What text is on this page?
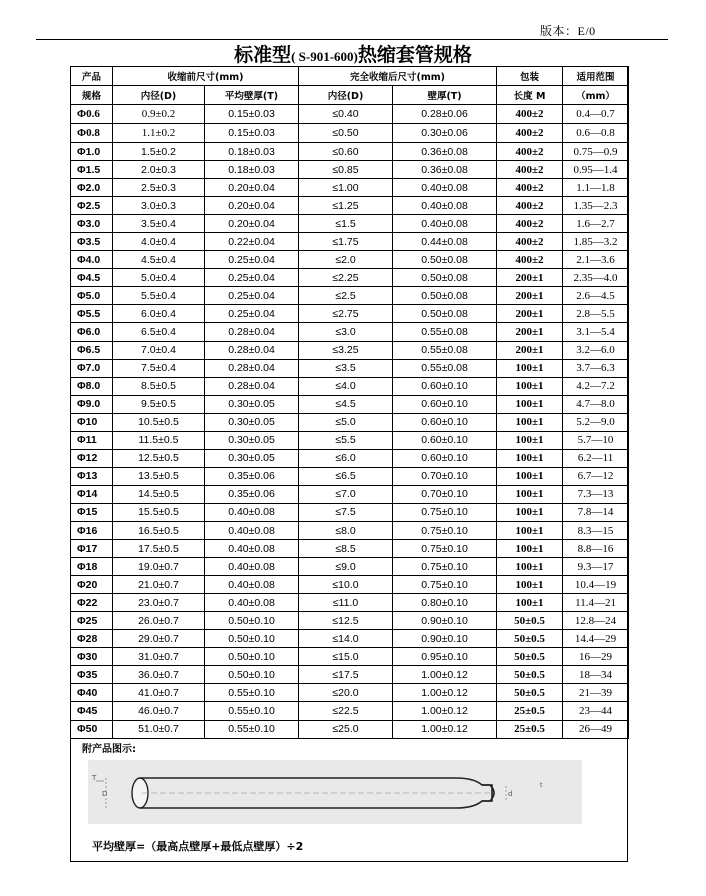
版本：E/0
标准型( S-901-600)热缩套管规格
产品	收缩前尺寸(mm)		完全收缩后尺寸(mm)		包装	适用范围
规格	内径(D)	平均壁厚(T)	内径(D)	壁厚(T)	长度 M	（mm）
Φ0.6	0.9±0.2	0.15±0.03	≤0.40	0.28±0.06	400±2	0.4—0.7
Φ0.8	1.1±0.2	0.15±0.03	≤0.50	0.30±0.06	400±2	0.6—0.8
Φ1.0	1.5±0.2	0.18±0.03	≤0.60	0.36±0.08	400±2	0.75—0.9
Φ1.5	2.0±0.3	0.18±0.03	≤0.85	0.36±0.08	400±2	0.95—1.4
Φ2.0	2.5±0.3	0.20±0.04	≤1.00	0.40±0.08	400±2	1.1—1.8
Φ2.5	3.0±0.3	0.20±0.04	≤1.25	0.40±0.08	400±2	1.35—2.3
Φ3.0	3.5±0.4	0.20±0.04	≤1.5	0.40±0.08	400±2	1.6—2.7
Φ3.5	4.0±0.4	0.22±0.04	≤1.75	0.44±0.08	400±2	1.85—3.2
Φ4.0	4.5±0.4	0.25±0.04	≤2.0	0.50±0.08	400±2	2.1—3.6
Φ4.5	5.0±0.4	0.25±0.04	≤2.25	0.50±0.08	200±1	2.35—4.0
Φ5.0	5.5±0.4	0.25±0.04	≤2.5	0.50±0.08	200±1	2.6—4.5
Φ5.5	6.0±0.4	0.25±0.04	≤2.75	0.50±0.08	200±1	2.8—5.5
Φ6.0	6.5±0.4	0.28±0.04	≤3.0	0.55±0.08	200±1	3.1—5.4
Φ6.5	7.0±0.4	0.28±0.04	≤3.25	0.55±0.08	200±1	3.2—6.0
Φ7.0	7.5±0.4	0.28±0.04	≤3.5	0.55±0.08	100±1	3.7—6.3
Φ8.0	8.5±0.5	0.28±0.04	≤4.0	0.60±0.10	100±1	4.2—7.2
Φ9.0	9.5±0.5	0.30±0.05	≤4.5	0.60±0.10	100±1	4.7—8.0
Φ10	10.5±0.5	0.30±0.05	≤5.0	0.60±0.10	100±1	5.2—9.0
Φ11	11.5±0.5	0.30±0.05	≤5.5	0.60±0.10	100±1	5.7—10
Φ12	12.5±0.5	0.30±0.05	≤6.0	0.60±0.10	100±1	6.2—11
Φ13	13.5±0.5	0.35±0.06	≤6.5	0.70±0.10	100±1	6.7—12
Φ14	14.5±0.5	0.35±0.06	≤7.0	0.70±0.10	100±1	7.3—13
Φ15	15.5±0.5	0.40±0.08	≤7.5	0.75±0.10	100±1	7.8—14
Φ16	16.5±0.5	0.40±0.08	≤8.0	0.75±0.10	100±1	8.3—15
Φ17	17.5±0.5	0.40±0.08	≤8.5	0.75±0.10	100±1	8.8—16
Φ18	19.0±0.7	0.40±0.08	≤9.0	0.75±0.10	100±1	9.3—17
Φ20	21.0±0.7	0.40±0.08	≤10.0	0.75±0.10	100±1	10.4—19
Φ22	23.0±0.7	0.40±0.08	≤11.0	0.80±0.10	100±1	11.4—21
Φ25	26.0±0.7	0.50±0.10	≤12.5	0.90±0.10	50±0.5	12.8—24
Φ28	29.0±0.7	0.50±0.10	≤14.0	0.90±0.10	50±0.5	14.4—29
Φ30	31.0±0.7	0.50±0.10	≤15.0	0.95±0.10	50±0.5	16—29
Φ35	36.0±0.7	0.50±0.10	≤17.5	1.00±0.12	50±0.5	18—34
Φ40	41.0±0.7	0.55±0.10	≤20.0	1.00±0.12	50±0.5	21—39
Φ45	46.0±0.7	0.55±0.10	≤22.5	1.00±0.12	25±0.5	23—44
Φ50	51.0±0.7	0.55±0.10	≤25.0	1.00±0.12	25±0.5	26—49
附产品图示:
T
D	d
t
平均壁厚=（最高点壁厚+最低点壁厚）÷2
